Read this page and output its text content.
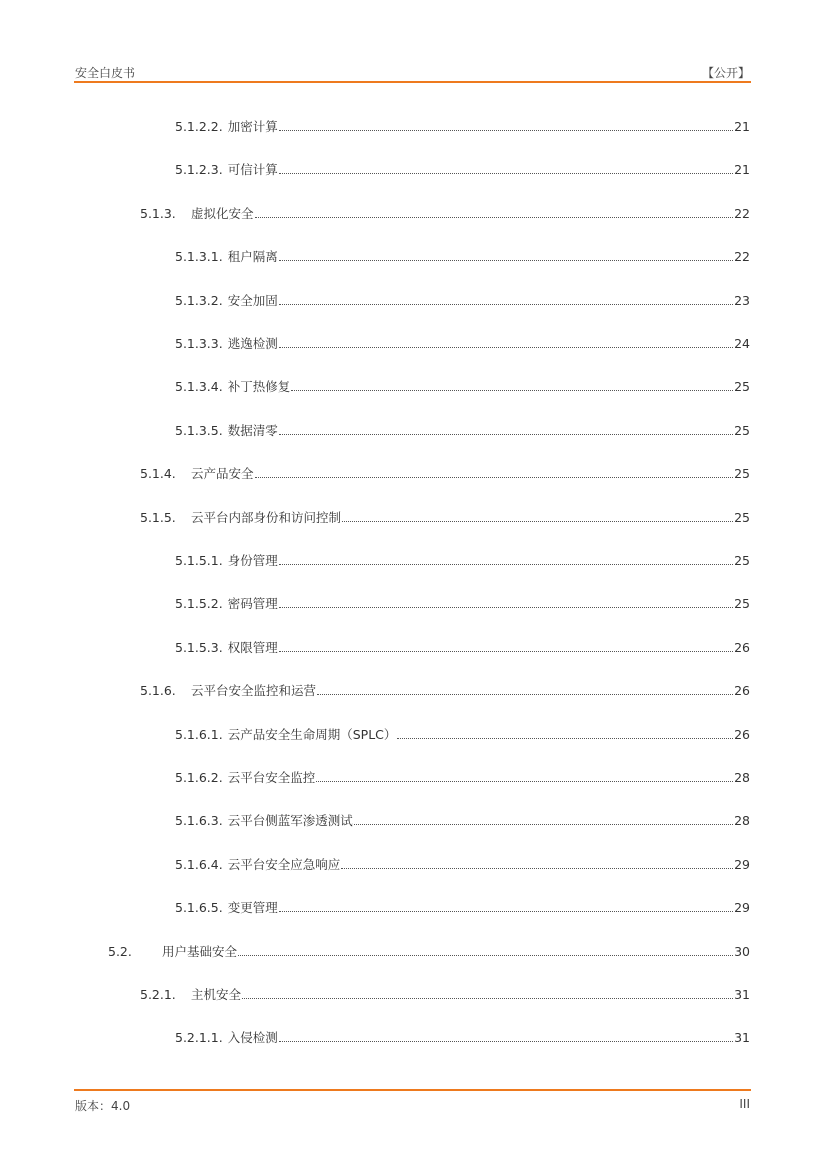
安全白皮书	【公开】
5.1.2.2. 加密计算	21
5.1.2.3. 可信计算	21
5.1.3.	虚拟化安全	22
5.1.3.1. 租户隔离	22
5.1.3.2. 安全加固	23
5.1.3.3. 逃逸检测	24
5.1.3.4. 补丁热修复	25
5.1.3.5. 数据清零	25
5.1.4.	云产品安全	25
5.1.5.	云平台内部身份和访问控制	25
5.1.5.1. 身份管理	25
5.1.5.2. 密码管理	25
5.1.5.3. 权限管理	26
5.1.6.	云平台安全监控和运营	26
5.1.6.1. 云产品安全生命周期（SPLC）	26
5.1.6.2. 云平台安全监控	28
5.1.6.3. 云平台侧蓝军渗透测试	28
5.1.6.4. 云平台安全应急响应	29
5.1.6.5. 变更管理	29
5.2.	用户基础安全	30
5.2.1.	主机安全	31
5.2.1.1. 入侵检测	31
版本：4.0	III
